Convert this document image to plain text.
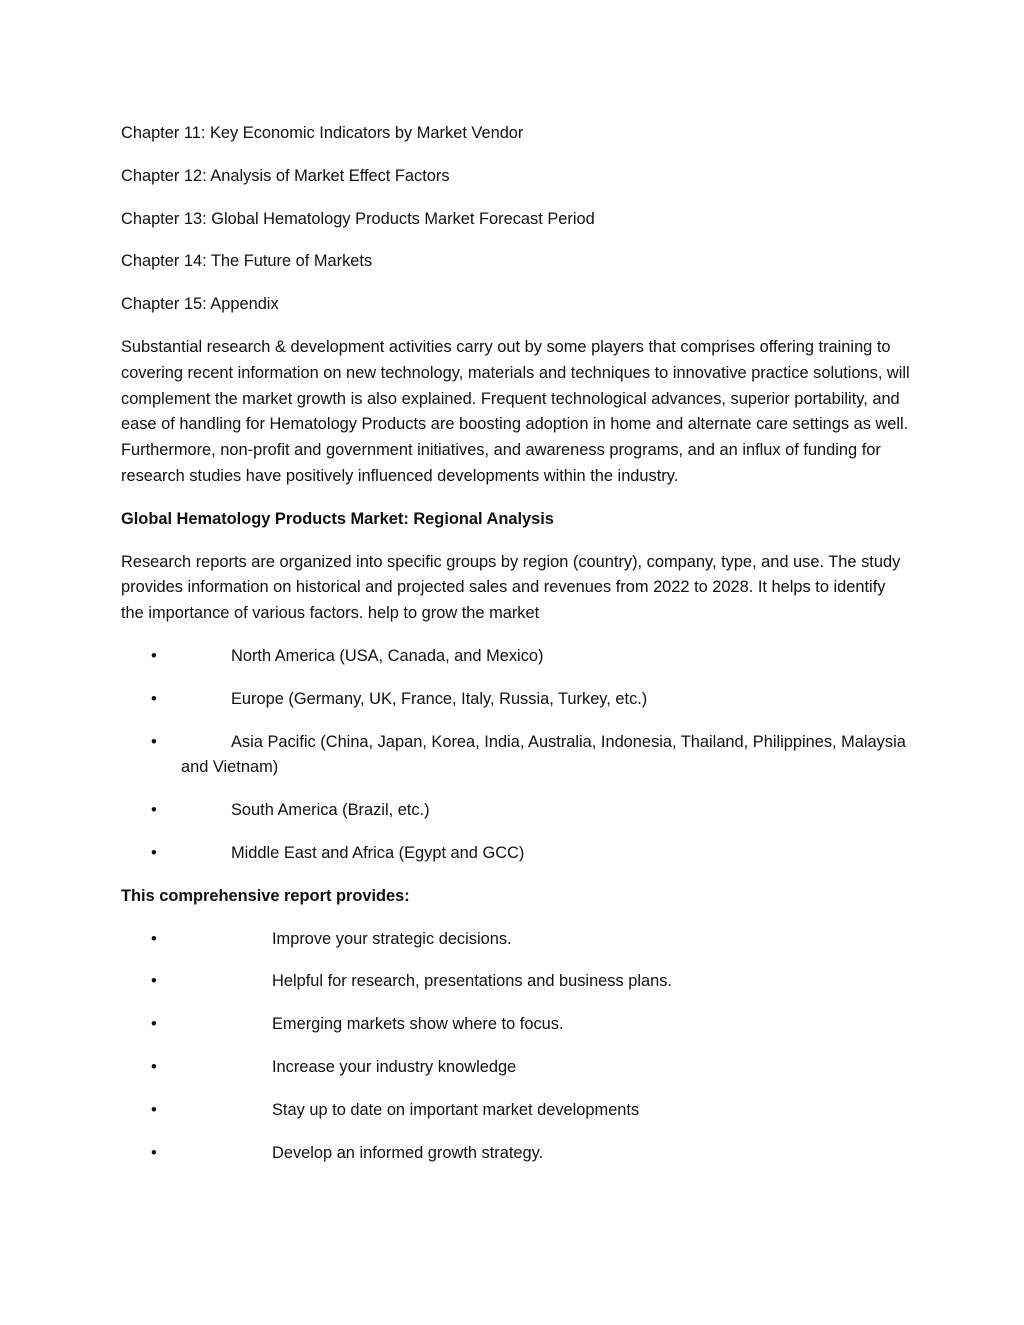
Chapter 11: Key Economic Indicators by Market Vendor

Chapter 12: Analysis of Market Effect Factors

Chapter 13: Global Hematology Products Market Forecast Period

Chapter 14: The Future of Markets

Chapter 15: Appendix

Substantial research & development activities carry out by some players that comprises offering training to covering recent information on new technology, materials and techniques to innovative practice solutions, will complement the market growth is also explained. Frequent technological advances, superior portability, and ease of handling for Hematology Products are boosting adoption in home and alternate care settings as well. Furthermore, non-profit and government initiatives, and awareness programs, and an influx of funding for research studies have positively influenced developments within the industry.

Global Hematology Products Market: Regional Analysis

Research reports are organized into specific groups by region (country), company, type, and use. The study provides information on historical and projected sales and revenues from 2022 to 2028. It helps to identify the importance of various factors. help to grow the market

•	North America (USA, Canada, and Mexico)
•	Europe (Germany, UK, France, Italy, Russia, Turkey, etc.)
•	Asia Pacific (China, Japan, Korea, India, Australia, Indonesia, Thailand, Philippines, Malaysia and Vietnam)
•	South America (Brazil, etc.)
•	Middle East and Africa (Egypt and GCC)

This comprehensive report provides:

•	Improve your strategic decisions.
•	Helpful for research, presentations and business plans.
•	Emerging markets show where to focus.
•	Increase your industry knowledge
•	Stay up to date on important market developments
•	Develop an informed growth strategy.
